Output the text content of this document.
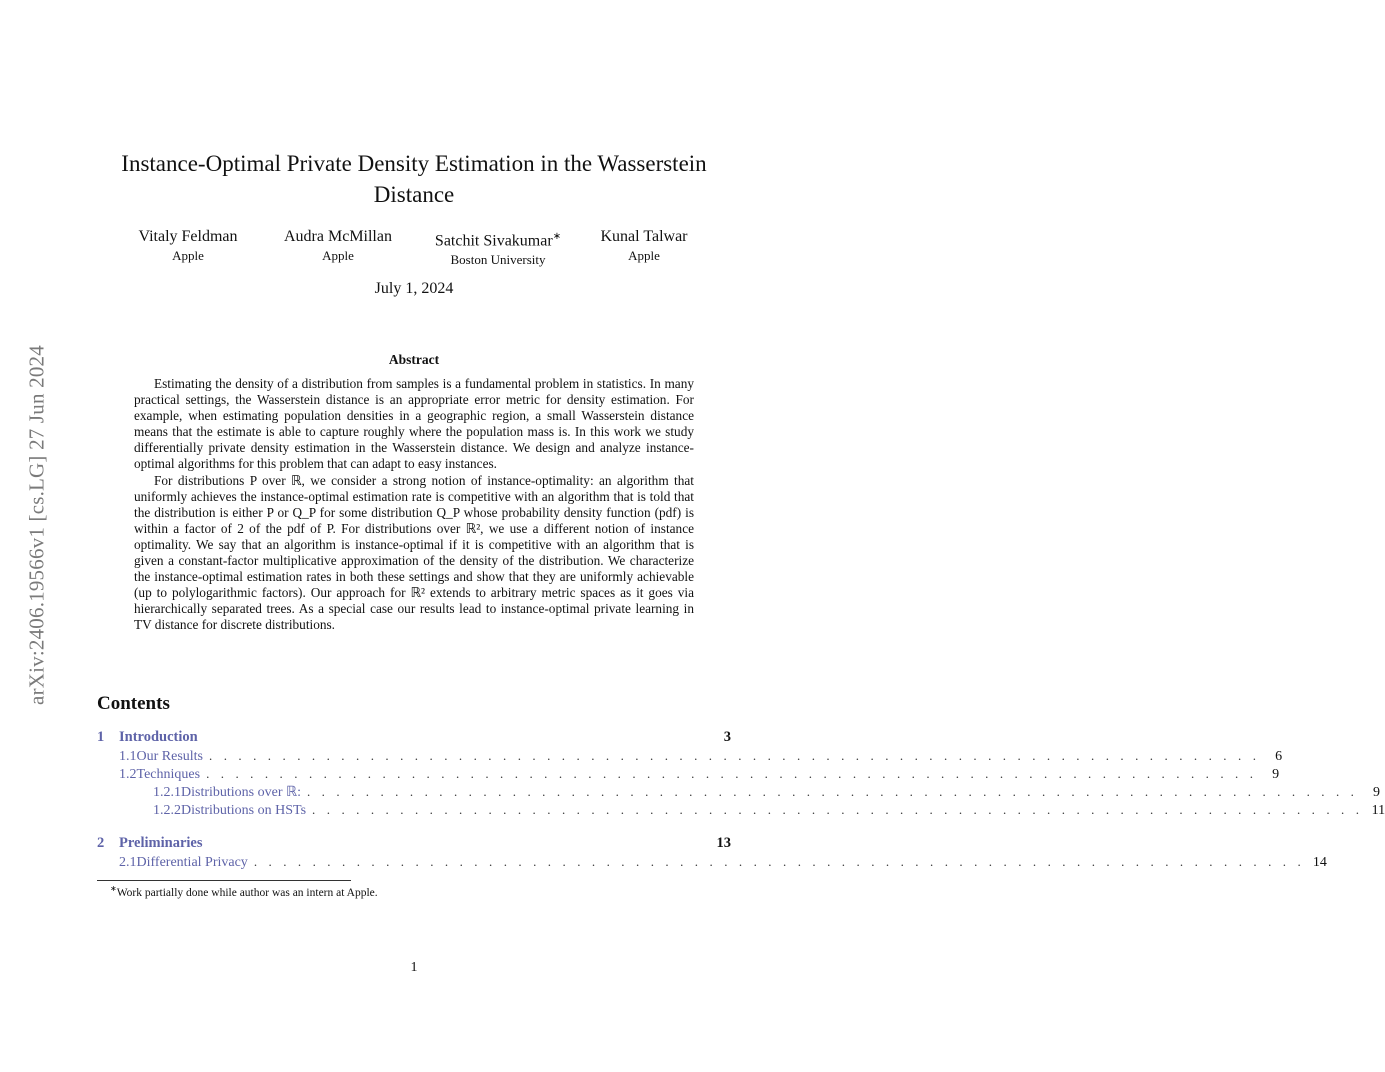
arXiv:2406.19566v1 [cs.LG] 27 Jun 2024
Instance-Optimal Private Density Estimation in the Wasserstein Distance
Vitaly Feldman
Apple
Audra McMillan
Apple
Satchit Sivakumar∗
Boston University
Kunal Talwar
Apple
July 1, 2024
Abstract

Estimating the density of a distribution from samples is a fundamental problem in statistics. In many practical settings, the Wasserstein distance is an appropriate error metric for density estimation. For example, when estimating population densities in a geographic region, a small Wasserstein distance means that the estimate is able to capture roughly where the population mass is. In this work we study differentially private density estimation in the Wasserstein distance. We design and analyze instance-optimal algorithms for this problem that can adapt to easy instances.

For distributions P over ℝ, we consider a strong notion of instance-optimality: an algorithm that uniformly achieves the instance-optimal estimation rate is competitive with an algorithm that is told that the distribution is either P or Q_P for some distribution Q_P whose probability density function (pdf) is within a factor of 2 of the pdf of P. For distributions over ℝ², we use a different notion of instance optimality. We say that an algorithm is instance-optimal if it is competitive with an algorithm that is given a constant-factor multiplicative approximation of the density of the distribution. We characterize the instance-optimal estimation rates in both these settings and show that they are uniformly achievable (up to polylogarithmic factors). Our approach for ℝ² extends to arbitrary metric spaces as it goes via hierarchically separated trees. As a special case our results lead to instance-optimal private learning in TV distance for discrete distributions.

Contents
1	Introduction	3
1.1 Our Results . . . . . . . . . . . . . . . . . . . . . . . . . . . . . . . . . . . . . . . . . . . . . . . . . . . . . . . . . . . . . . . . . . . . . . . .	6
1.2 Techniques . . . . . . . . . . . . . . . . . . . . . . . . . . . . . . . . . . . . . . . . . . . . . . . . . . . . . . . . . . . . . . . . . . . . . . . .	9
1.2.1 Distributions over ℝ: . . . . . . . . . . . . . . . . . . . . . . . . . . . . . . . . . . . . . . . . . . . . . . . . . . . . . . . . . . . . . . . . . . . . . . . .	9
1.2.2 Distributions on HSTs . . . . . . . . . . . . . . . . . . . . . . . . . . . . . . . . . . . . . . . . . . . . . . . . . . . . . . . . . . . . . . . . . . . . . . . . 11
2	Preliminaries	13
2.1 Differential Privacy . . . . . . . . . . . . . . . . . . . . . . . . . . . . . . . . . . . . . . . . . . . . . . . . . . . . . . . . . . . . . . . . . . . . . . . . 14
∗Work partially done while author was an intern at Apple.
1
